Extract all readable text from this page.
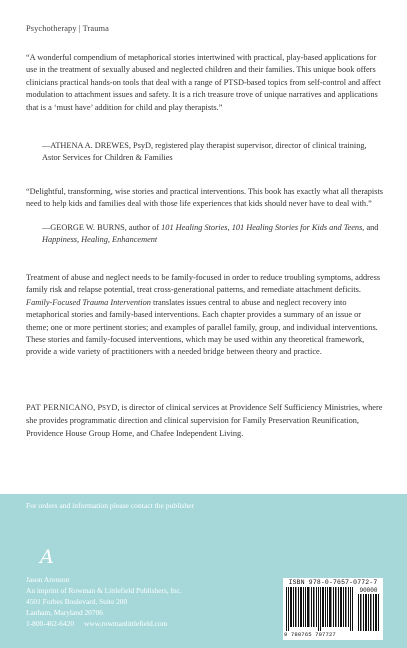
Psychotherapy | Trauma
“A wonderful compendium of metaphorical stories intertwined with practical, play-based applications for use in the treatment of sexually abused and neglected children and their families. This unique book offers clinicians practical hands-on tools that deal with a range of PTSD-based topics from self-control and affect modulation to attachment issues and safety. It is a rich treasure trove of unique narratives and applications that is a ‘must have’ addition for child and play therapists.”
—ATHENA A. DREWES, PsyD, registered play therapist supervisor, director of clinical training, Astor Services for Children & Families
“Delightful, transforming, wise stories and practical interventions. This book has exactly what all therapists need to help kids and families deal with those life experiences that kids should never have to deal with.”
—GEORGE W. BURNS, author of 101 Healing Stories, 101 Healing Stories for Kids and Teens, and Happiness, Healing, Enhancement
Treatment of abuse and neglect needs to be family-focused in order to reduce troubling symptoms, address family risk and relapse potential, treat cross-generational patterns, and remediate attachment deficits. Family-Focused Trauma Intervention translates issues central to abuse and neglect recovery into metaphorical stories and family-based interventions. Each chapter provides a summary of an issue or theme; one or more pertinent stories; and examples of parallel family, group, and individual interventions. These stories and family-focused interventions, which may be used within any theoretical framework, provide a wide variety of practitioners with a needed bridge between theory and practice.
PAT PERNICANO, PSYD, is director of clinical services at Providence Self Sufficiency Ministries, where she provides programmatic direction and clinical supervision for Family Preservation Reunification, Providence House Group Home, and Chafee Independent Living.
For orders and information please contact the publisher
A
Jason Aronson
An imprint of Rowman & Littlefield Publishers, Inc.
4501 Forbes Boulevard, Suite 200
Lanham, Maryland 20706
1-800-462-6420 www.rowmanlittlefield.com
ISBN 978-0-7657-0772-7
90000
9 780765 707727
